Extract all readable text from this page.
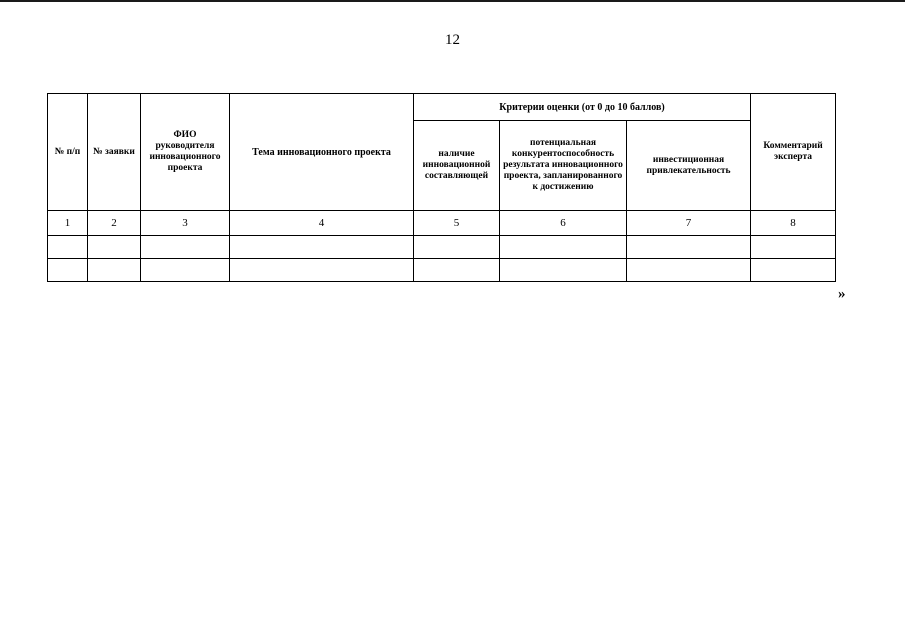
12
№ п/п	№ заявки	ФИО руководителя инновационного проекта	Тема инновационного проекта	Критерии оценки (от 0 до 10 баллов)			Комментарий эксперта
				наличие инновационной составляющей	потенциальная конкурентоспособность результата инновационного проекта, запланированного к достижению	инвестиционная привлекательность	
1	2	3	4	5	6	7	8

»
